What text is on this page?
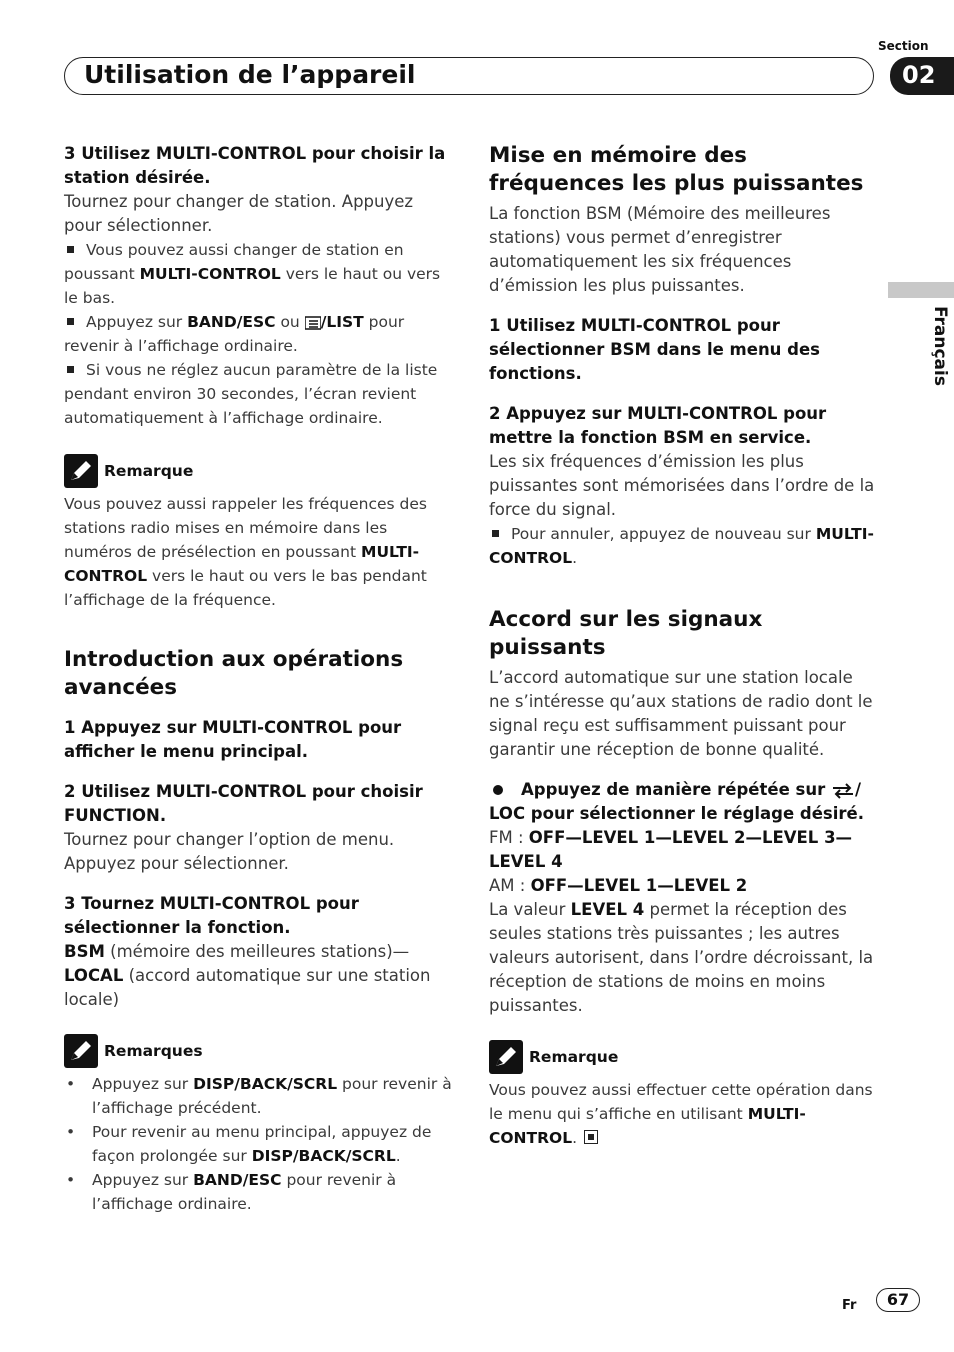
Utilisation de l’appareil
Section
02
Français

3 Utilisez MULTI-CONTROL pour choisir la station désirée.

Tournez pour changer de station. Appuyez pour sélectionner.

Vous pouvez aussi changer de station en poussant MULTI-CONTROL vers le haut ou vers le bas.

Appuyez sur BAND/ESC ou /LIST pour revenir à l’affichage ordinaire.

Si vous ne réglez aucun paramètre de la liste pendant environ 30 secondes, l’écran revient automatiquement à l’affichage ordinaire.

Remarque

Vous pouvez aussi rappeler les fréquences des stations radio mises en mémoire dans les numéros de présélection en poussant MULTI-CONTROL vers le haut ou vers le bas pendant l’affichage de la fréquence.

Introduction aux opérations avancées

1 Appuyez sur MULTI-CONTROL pour afficher le menu principal.

2 Utilisez MULTI-CONTROL pour choisir FUNCTION.

Tournez pour changer l’option de menu. Appuyez pour sélectionner.

3 Tournez MULTI-CONTROL pour sélectionner la fonction.

BSM (mémoire des meilleures stations)— LOCAL (accord automatique sur une station locale)

Remarques
•	Appuyez sur DISP/BACK/SCRL pour revenir à l’affichage précédent.
•	Pour revenir au menu principal, appuyez de façon prolongée sur DISP/BACK/SCRL.
•	Appuyez sur BAND/ESC pour revenir à l’affichage ordinaire.

Mise en mémoire des fréquences les plus puissantes

La fonction BSM (Mémoire des meilleures stations) vous permet d’enregistrer automatiquement les six fréquences d’émission les plus puissantes.

1 Utilisez MULTI-CONTROL pour sélectionner BSM dans le menu des fonctions.

2 Appuyez sur MULTI-CONTROL pour mettre la fonction BSM en service.

Les six fréquences d’émission les plus puissantes sont mémorisées dans l’ordre de la force du signal.

Pour annuler, appuyez de nouveau sur MULTI-CONTROL.

Accord sur les signaux puissants

L’accord automatique sur une station locale ne s’intéresse qu’aux stations de radio dont le signal reçu est suffisamment puissant pour garantir une réception de bonne qualité.

Appuyez de manière répétée sur / LOC pour sélectionner le réglage désiré.

FM : OFF—LEVEL 1—LEVEL 2—LEVEL 3— LEVEL 4

AM : OFF—LEVEL 1—LEVEL 2

La valeur LEVEL 4 permet la réception des seules stations très puissantes ; les autres valeurs autorisent, dans l’ordre décroissant, la réception de stations de moins en moins puissantes.

Remarque

Vous pouvez aussi effectuer cette opération dans le menu qui s’affiche en utilisant MULTI-CONTROL.

Fr	67
